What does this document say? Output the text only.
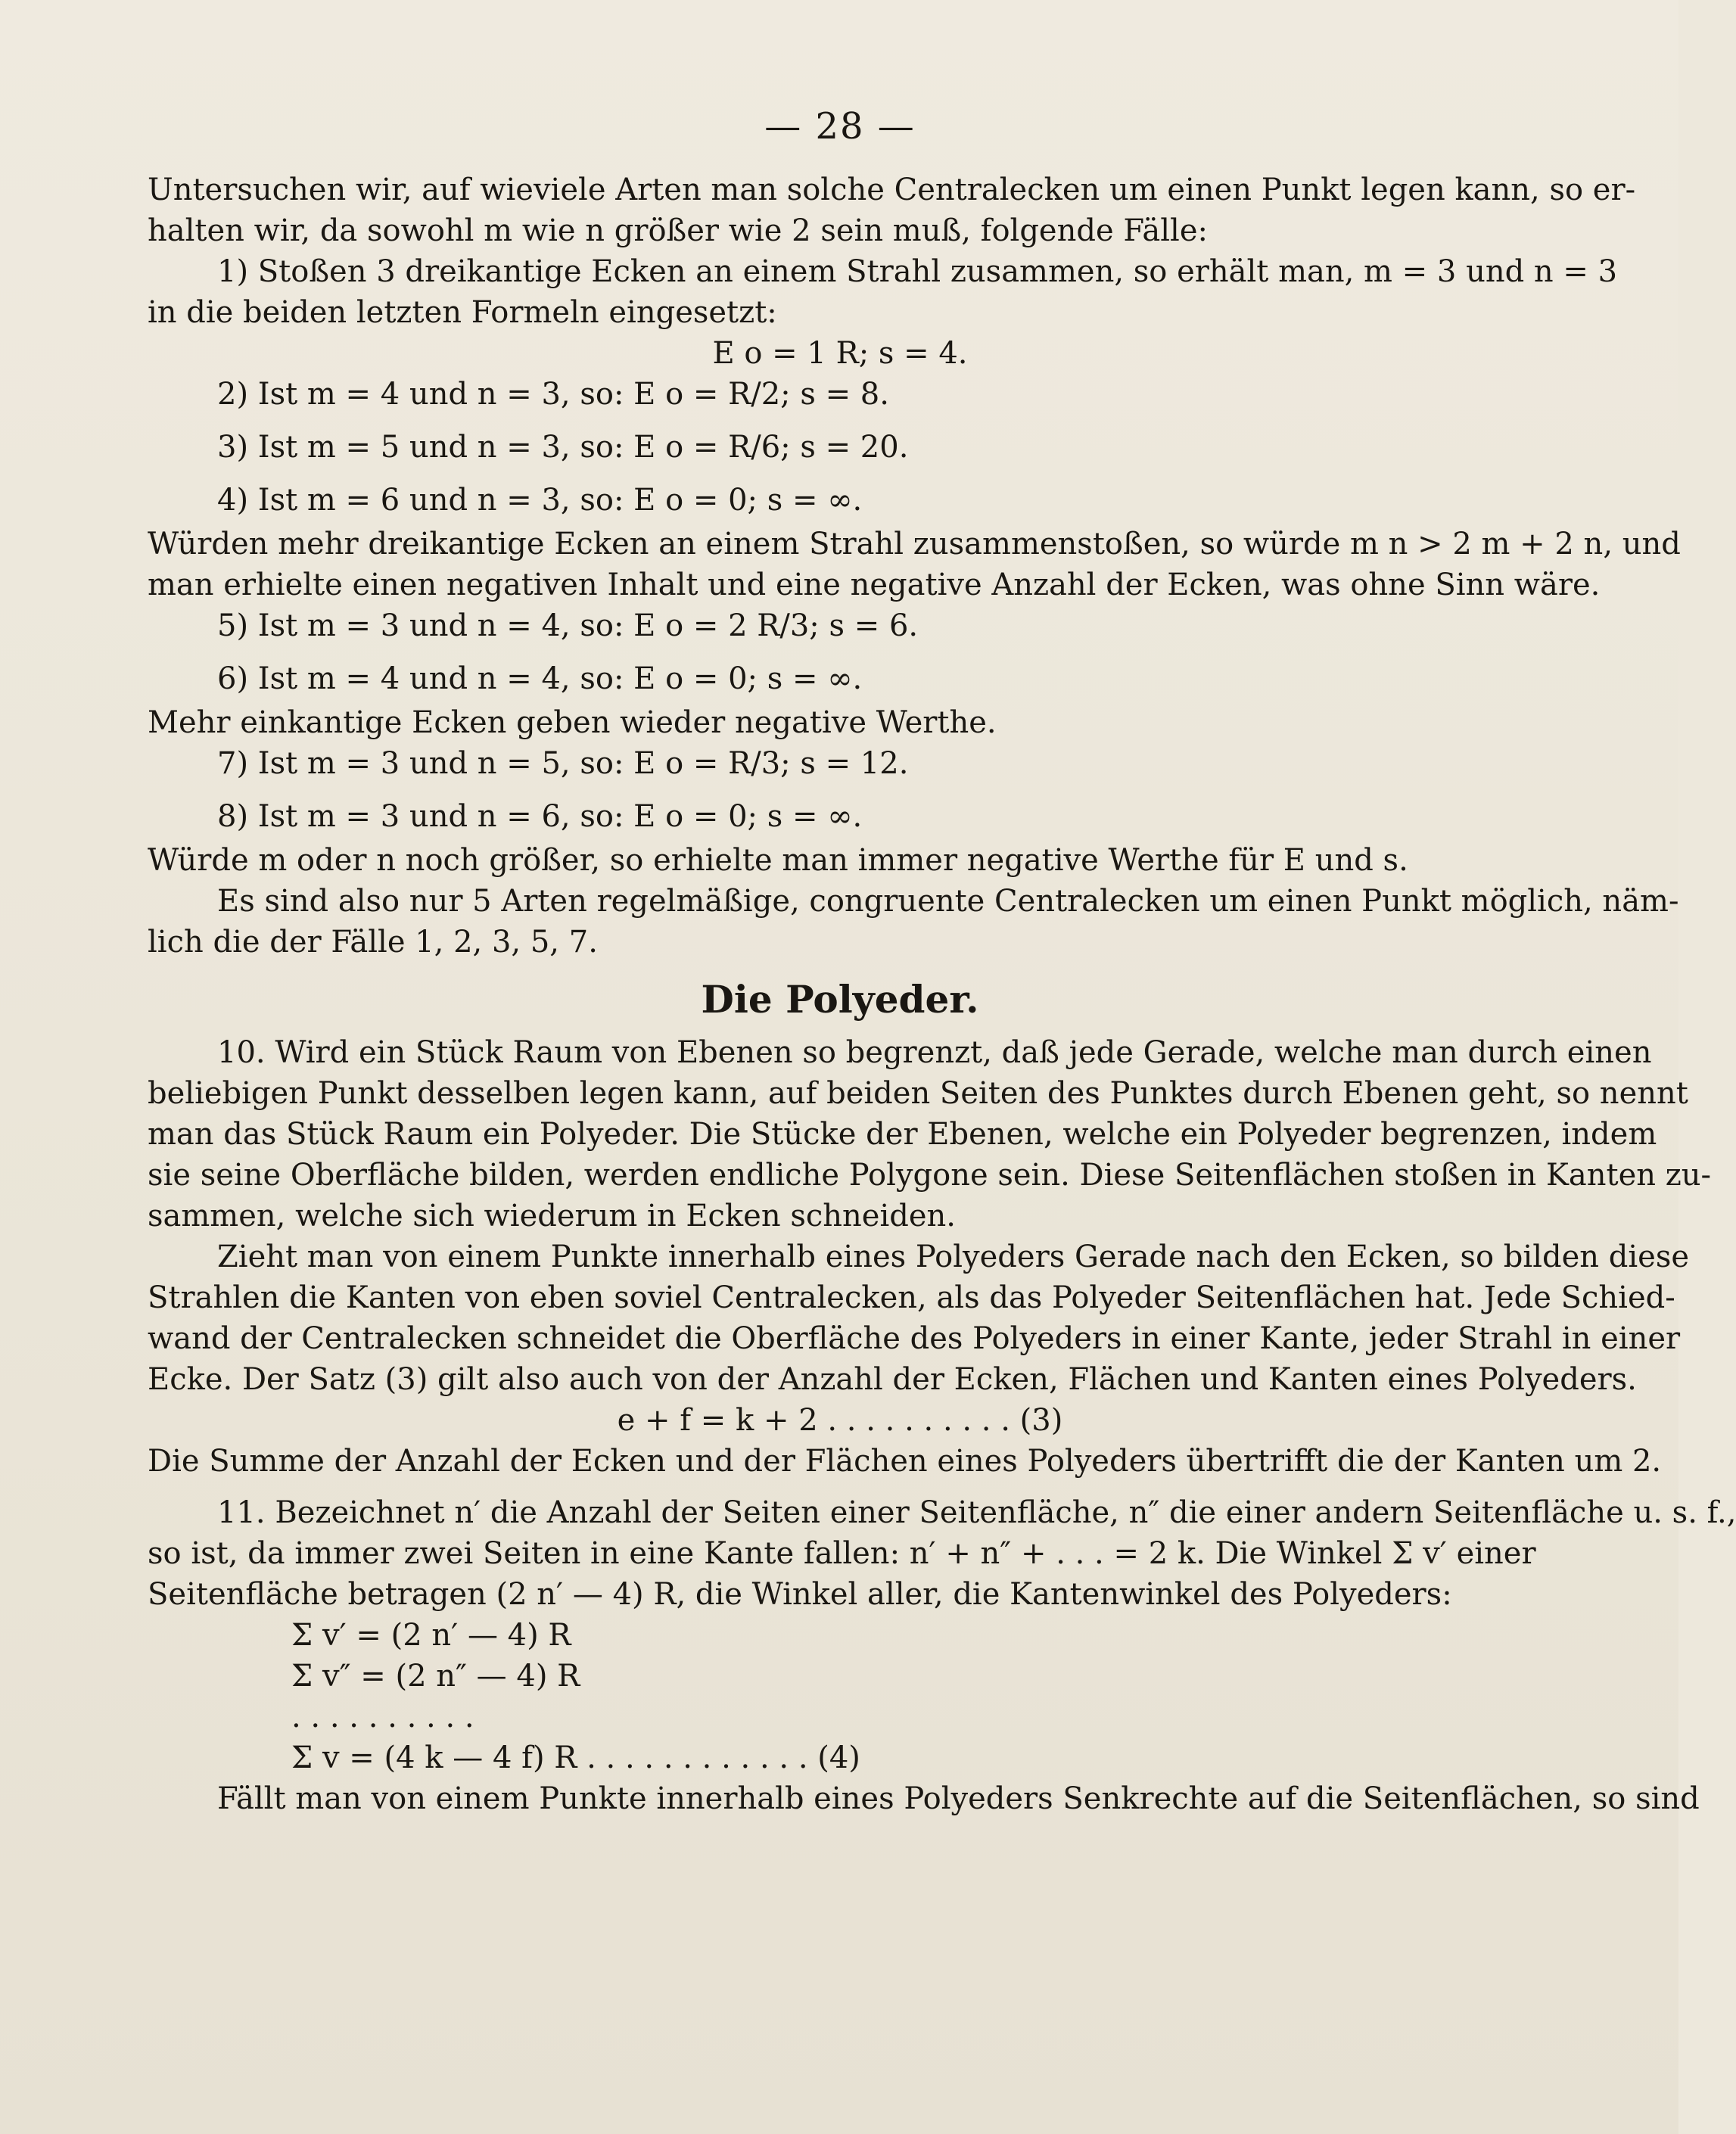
— 28 —
Untersuchen wir, auf wieviele Arten man solche Centralecken um einen Punkt legen kann, so er-
halten wir, da sowohl m wie n größer wie 2 sein muß, folgende Fälle:
1) Stoßen 3 dreikantige Ecken an einem Strahl zusammen, so erhält man, m = 3 und n = 3
in die beiden letzten Formeln eingesetzt:
E o = 1 R; s = 4.
2) Ist m = 4 und n = 3, so: E o = R/2; s = 8.
3) Ist m = 5 und n = 3, so: E o = R/6; s = 20.
4) Ist m = 6 und n = 3, so: E o = 0; s = ∞.
Würden mehr dreikantige Ecken an einem Strahl zusammenstoßen, so würde m n > 2 m + 2 n, und
man erhielte einen negativen Inhalt und eine negative Anzahl der Ecken, was ohne Sinn wäre.
5) Ist m = 3 und n = 4, so: E o = 2 R/3; s = 6.
6) Ist m = 4 und n = 4, so: E o = 0; s = ∞.
Mehr einkantige Ecken geben wieder negative Werthe.
7) Ist m = 3 und n = 5, so: E o = R/3; s = 12.
8) Ist m = 3 und n = 6, so: E o = 0; s = ∞.
Würde m oder n noch größer, so erhielte man immer negative Werthe für E und s.
Es sind also nur 5 Arten regelmäßige, congruente Centralecken um einen Punkt möglich, näm-
lich die der Fälle 1, 2, 3, 5, 7.
Die Polyeder.
10. Wird ein Stück Raum von Ebenen so begrenzt, daß jede Gerade, welche man durch einen
beliebigen Punkt desselben legen kann, auf beiden Seiten des Punktes durch Ebenen geht, so nennt
man das Stück Raum ein Polyeder. Die Stücke der Ebenen, welche ein Polyeder begrenzen, indem
sie seine Oberfläche bilden, werden endliche Polygone sein. Diese Seitenflächen stoßen in Kanten zu-
sammen, welche sich wiederum in Ecken schneiden.
Zieht man von einem Punkte innerhalb eines Polyeders Gerade nach den Ecken, so bilden diese
Strahlen die Kanten von eben soviel Centralecken, als das Polyeder Seitenflächen hat. Jede Schied-
wand der Centralecken schneidet die Oberfläche des Polyeders in einer Kante, jeder Strahl in einer
Ecke. Der Satz (3) gilt also auch von der Anzahl der Ecken, Flächen und Kanten eines Polyeders.
e + f = k + 2 . . . . . . . . . . (3)
Die Summe der Anzahl der Ecken und der Flächen eines Polyeders übertrifft die der Kanten um 2.
11. Bezeichnet n′ die Anzahl der Seiten einer Seitenfläche, n″ die einer andern Seitenfläche u. s. f.,
so ist, da immer zwei Seiten in eine Kante fallen: n′ + n″ + . . . = 2 k. Die Winkel Σ v′ einer
Seitenfläche betragen (2 n′ — 4) R, die Winkel aller, die Kantenwinkel des Polyeders:
Σ v′ = (2 n′ — 4) R
Σ v″ = (2 n″ — 4) R
. . . . . . . . . .
Σ v = (4 k — 4 f) R . . . . . . . . . . . . (4)
Fällt man von einem Punkte innerhalb eines Polyeders Senkrechte auf die Seitenflächen, so sind
